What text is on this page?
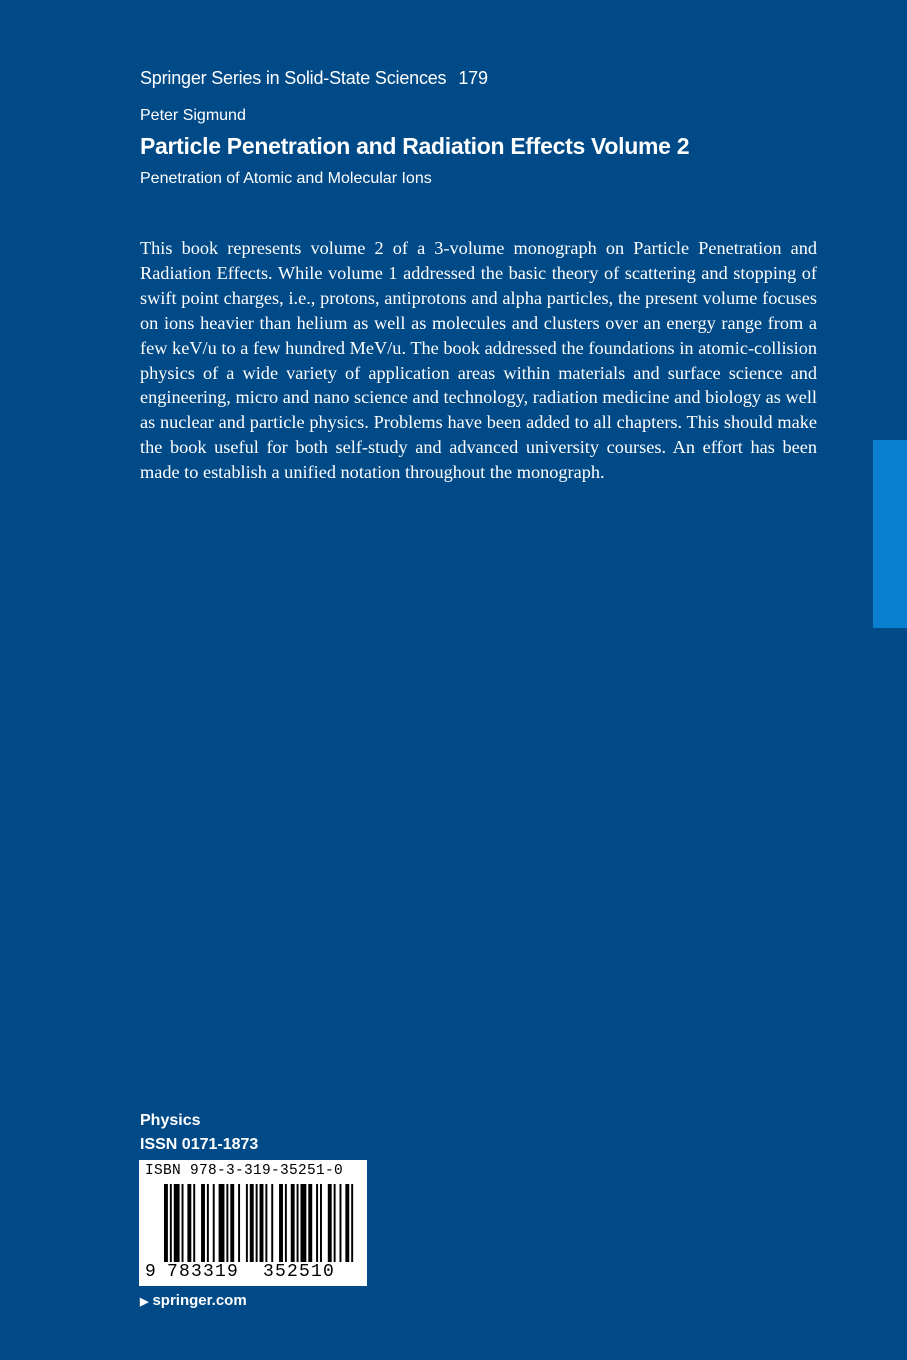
Springer Series in Solid-State Sciences 179
Peter Sigmund
Particle Penetration and Radiation Effects Volume 2
Penetration of Atomic and Molecular Ions

This book represents volume 2 of a 3-volume monograph on Particle Penetration and Radiation Effects. While volume 1 addressed the basic theory of scattering and stopping of swift point charges, i.e., protons, antiprotons and alpha particles, the present volume focuses on ions heavier than helium as well as molecules and clusters over an energy range from a few keV/u to a few hundred MeV/u. The book addressed the foundations in atomic-collision physics of a wide variety of application areas within materials and surface science and engineering, micro and nano science and technology, radiation medicine and biology as well as nuclear and particle physics. Problems have been added to all chapters. This should make the book useful for both self-study and advanced university courses. An effort has been made to establish a unified notation throughout the monograph.

Physics
ISSN 0171-1873
ISBN 978-3-319-35251-0
9 783319 352510
▶ springer.com
